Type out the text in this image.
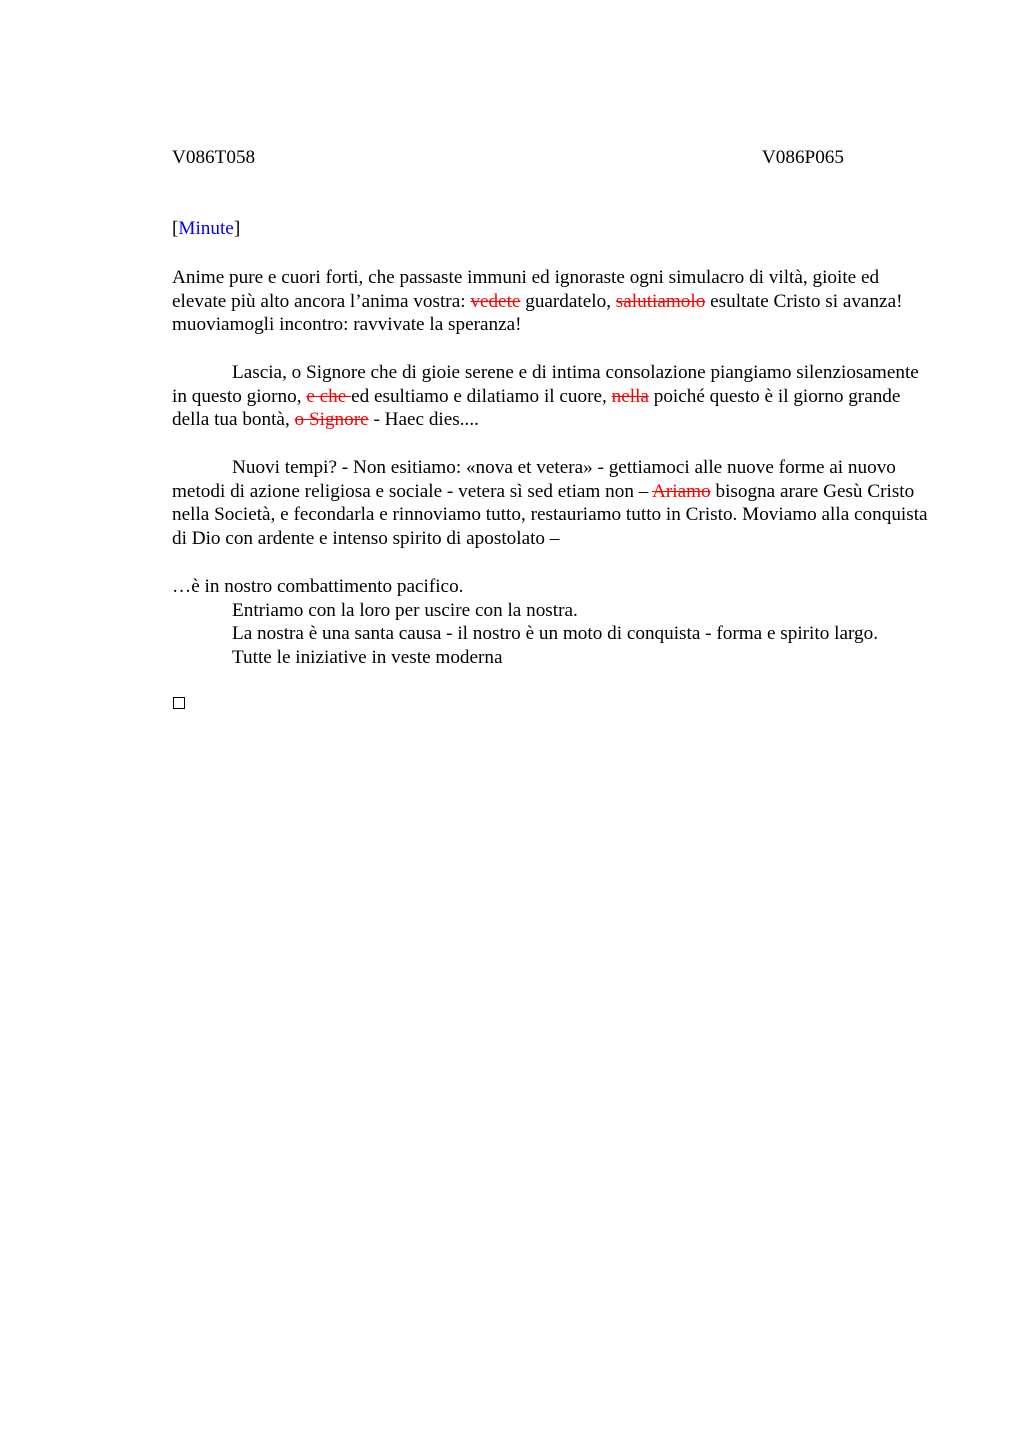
V086T058	V086P065
[Minute]

Anime pure e cuori forti, che passaste immuni ed ignoraste ogni simulacro di viltà, gioite ed elevate più alto ancora l’anima vostra: vedete guardatelo, salutiamolo esultate Cristo si avanza! muoviamogli incontro: ravvivate la speranza!

Lascia, o Signore che di gioie serene e di intima consolazione piangiamo silenziosamente in questo giorno, e che ed esultiamo e dilatiamo il cuore, nella poiché questo è il giorno grande della tua bontà, o Signore - Haec dies....

Nuovi tempi? - Non esitiamo: «nova et vetera» - gettiamoci alle nuove forme ai nuovo metodi di azione religiosa e sociale - vetera sì sed etiam non – Ariamo bisogna arare Gesù Cristo nella Società, e fecondarla e rinnoviamo tutto, restauriamo tutto in Cristo. Moviamo alla conquista di Dio con ardente e intenso spirito di apostolato –

…è in nostro combattimento pacifico.

Entriamo con la loro per uscire con la nostra.

La nostra è una santa causa - il nostro è un moto di conquista - forma e spirito largo.

Tutte le iniziative in veste moderna
